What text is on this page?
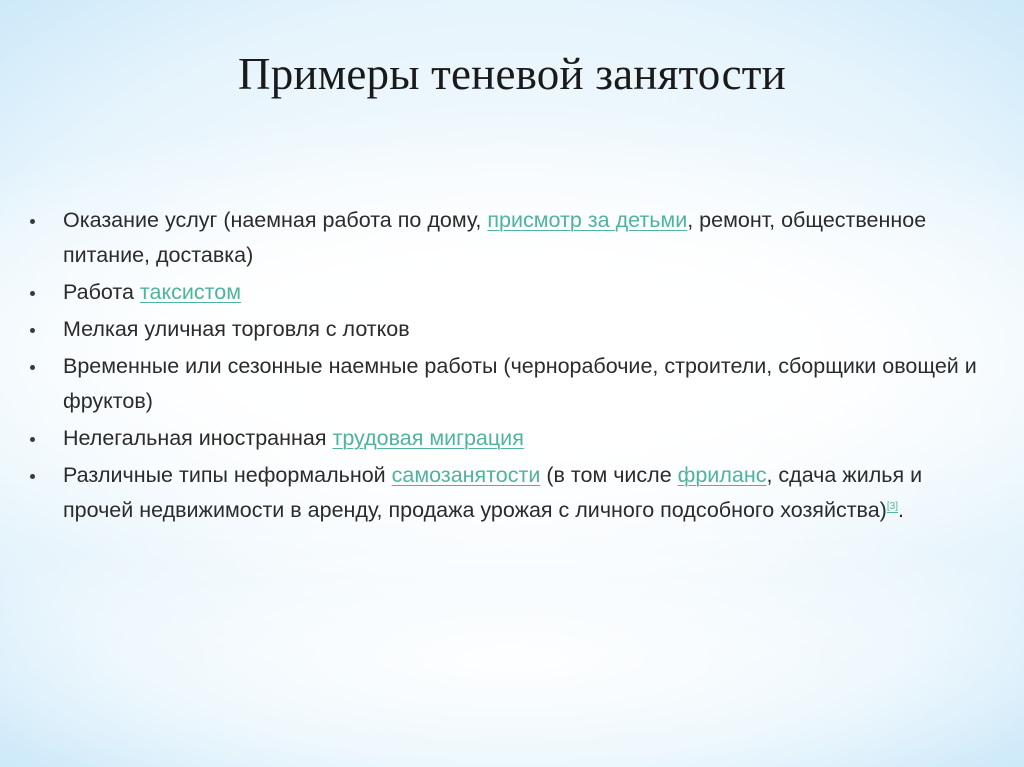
Примеры теневой занятости
Оказание услуг (наемная работа по дому, присмотр за детьми, ремонт, общественное питание, доставка)
Работа таксистом
Мелкая уличная торговля с лотков
Временные или сезонные наемные работы (чернорабочие, строители, сборщики овощей и фруктов)
Нелегальная иностранная трудовая миграция
Различные типы неформальной самозанятости (в том числе фриланс, сдача жилья и прочей недвижимости в аренду, продажа урожая с личного подсобного хозяйства)[3].
